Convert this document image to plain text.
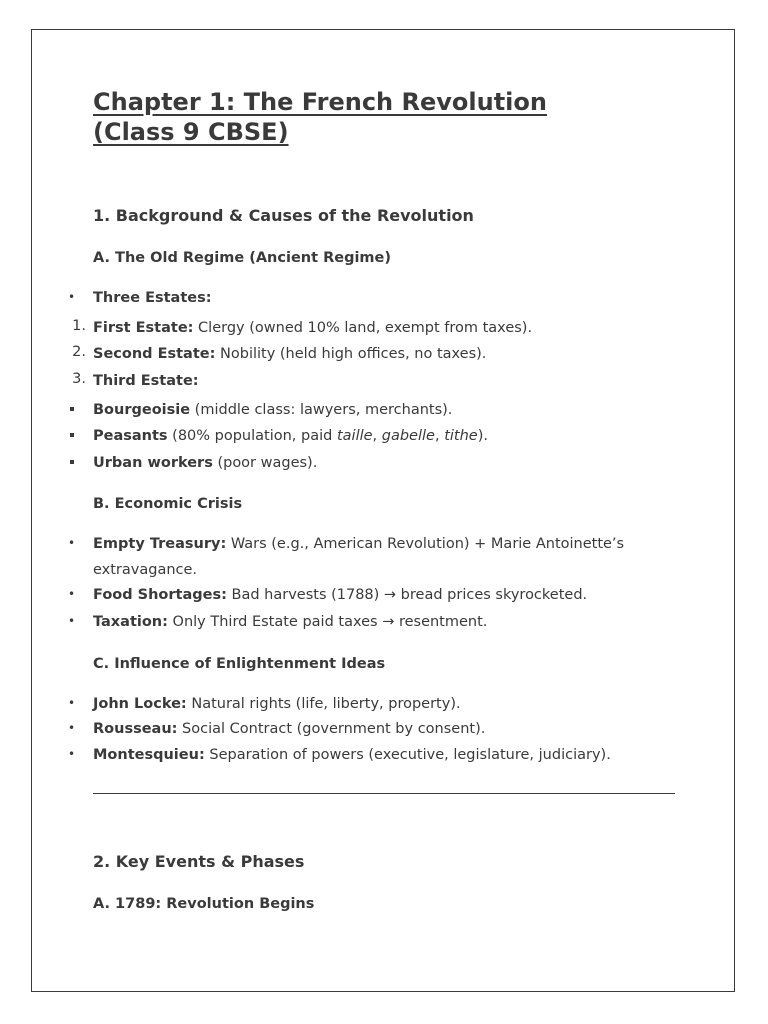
Chapter 1: The French Revolution
(Class 9 CBSE)
1. Background & Causes of the Revolution
A. The Old Regime (Ancient Regime)
• Three Estates:
1. First Estate: Clergy (owned 10% land, exempt from taxes).
2. Second Estate: Nobility (held high offices, no taxes).
3. Third Estate:
Bourgeoisie (middle class: lawyers, merchants).
Peasants (80% population, paid taille, gabelle, tithe).
Urban workers (poor wages).
B. Economic Crisis
• Empty Treasury: Wars (e.g., American Revolution) + Marie Antoinette’s
extravagance.
• Food Shortages: Bad harvests (1788) → bread prices skyrocketed.
• Taxation: Only Third Estate paid taxes → resentment.
C. Influence of Enlightenment Ideas
• John Locke: Natural rights (life, liberty, property).
• Rousseau: Social Contract (government by consent).
• Montesquieu: Separation of powers (executive, legislature, judiciary).
2. Key Events & Phases
A. 1789: Revolution Begins
